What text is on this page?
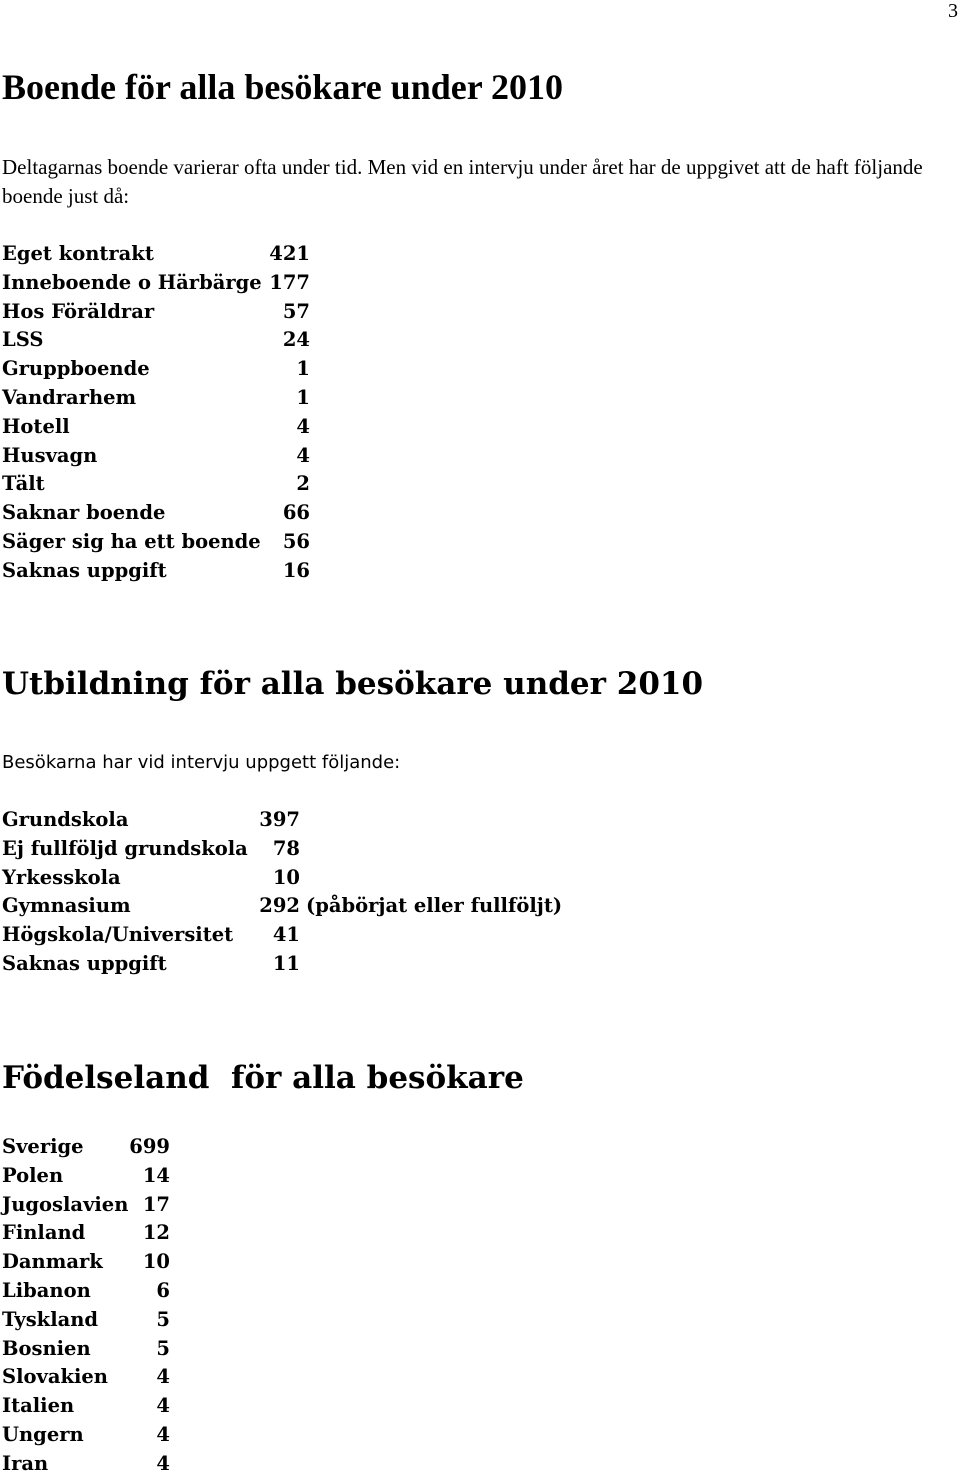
3
Boende för alla besökare under 2010
Deltagarnas boende varierar ofta under tid. Men vid en intervju under året har de uppgivet att de haft följande boende just då:
Eget kontrakt	421
Inneboende o Härbärge 177
Hos Föräldrar	57
LSS	24
Gruppboende	1
Vandrarhem	1
Hotell	4
Husvagn	4
Tält	2
Saknar boende	66
Säger sig ha ett boende 56
Saknas uppgift	16
Utbildning för alla besökare under 2010
Besökarna har vid intervju uppgett följande:
Grundskola	397
Ej fullföljd grundskola 78
Yrkesskola	10
Gymnasium	292 (påbörjat eller fullföljt)
Högskola/Universitet 41
Saknas uppgift	11
Födelseland  för alla besökare
Sverige 699
Polen	14
Jugoslavien 17
Finland	12
Danmark 10
Libanon	6
Tyskland	5
Bosnien	5
Slovakien 4
Italien	4
Ungern	4
Iran	4
